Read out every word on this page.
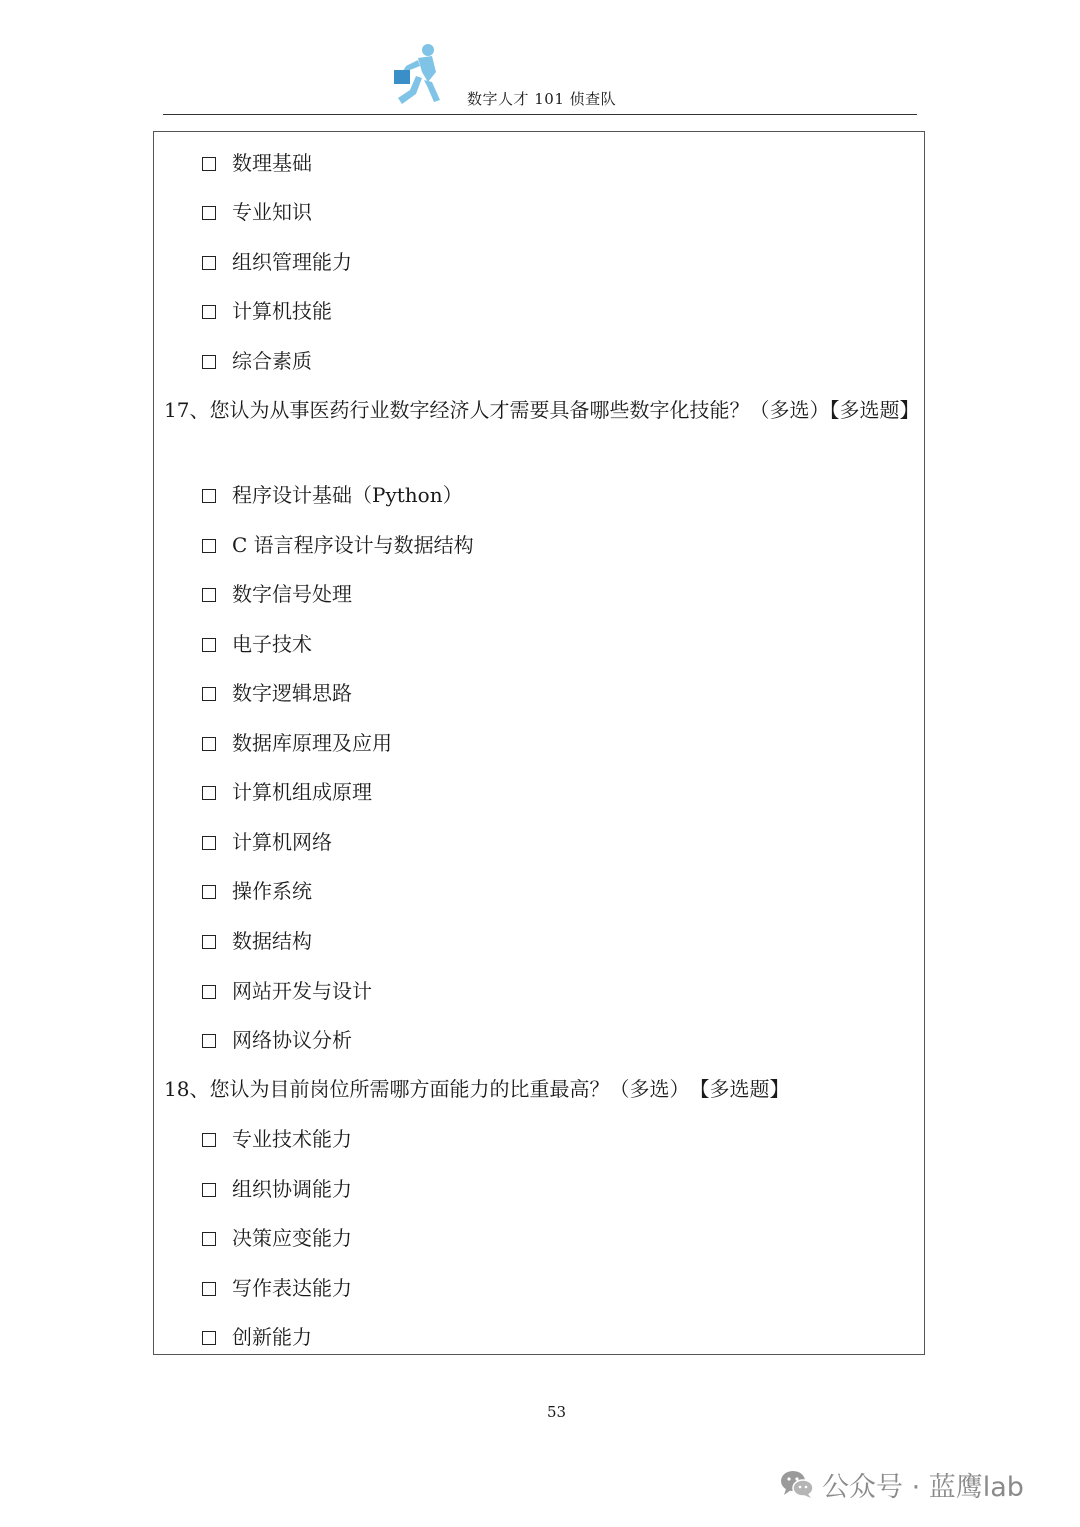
数字人才 101 侦查队
数理基础
专业知识
组织管理能力
计算机技能
综合素质
17、您认为从事医药行业数字经济人才需要具备哪些数字化技能？（多选）【多选题】
程序设计基础（Python）
C 语言程序设计与数据结构
数字信号处理
电子技术
数字逻辑思路
数据库原理及应用
计算机组成原理
计算机网络
操作系统
数据结构
网站开发与设计
网络协议分析
18、您认为目前岗位所需哪方面能力的比重最高？（多选）　【多选题】
专业技术能力
组织协调能力
决策应变能力
写作表达能力
创新能力
53
公众号 · 蓝鹰lab
